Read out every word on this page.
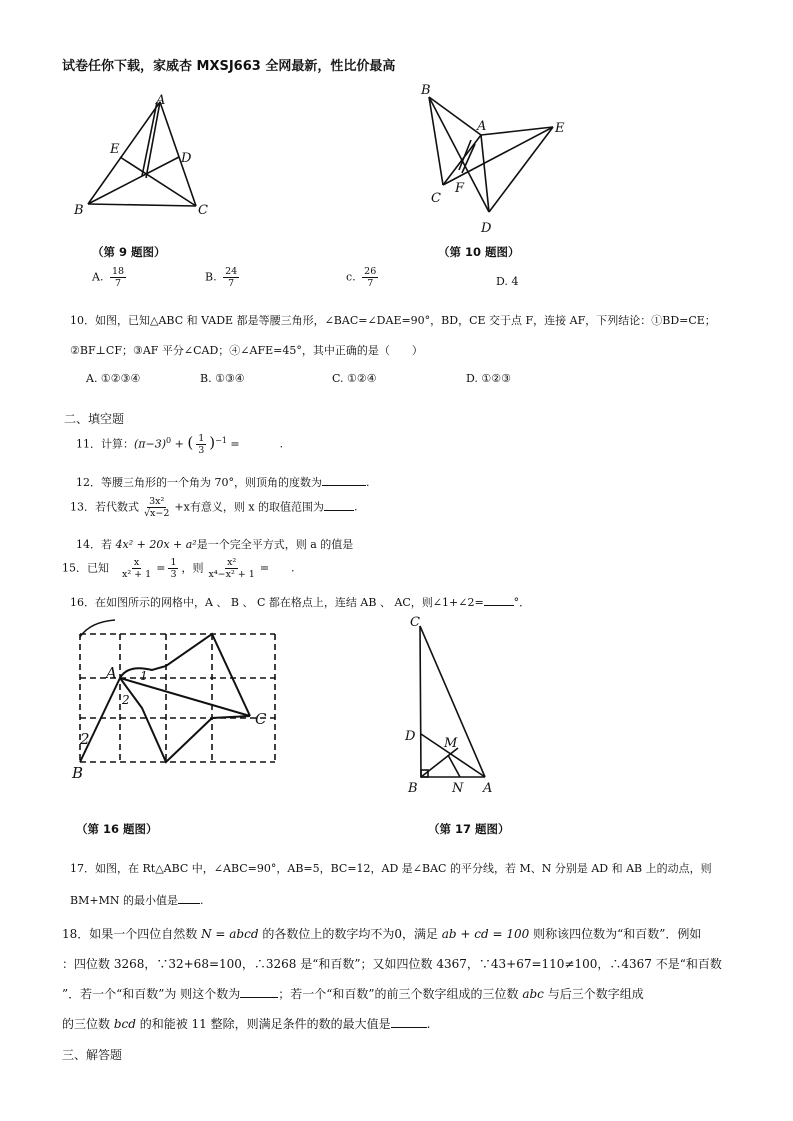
试卷任你下载，家威杏 MXSJ663 全网最新，性比价最高
A
B	C
D
E
A
B
C
D
E
F
（第 9 题图）	（第 10 题图）
A. $\frac{18}{7}$	B. $\frac{24}{7}$	c. $\frac{26}{7}$	D. 4
10．如图，已知△ABC 和 VADE 都是等腰三角形，∠BAC=∠DAE=90°，BD，CE 交于点 F，连接 AF，下列结论：①BD=CE；
②BF⊥CF；③AF 平分∠CAD；④∠AFE=45°，其中正确的是（　　）
A. ①②③④	B. ①③④	C. ①②④	D. ①②③
二、填空题
11．计算：$(\pi-3)^0$ + ( $\frac{1}{3} )^{-1}$ =	.
12．等腰三角形的一个角为 70°，则顶角的度数为	.
13．若代数式 $\frac{\text{3x²}}{√x-2} +x$有意义，则 x 的取值范围为	.
14．若 4x² + 20x + a²是一个完全平方式，则 a 的值是
15．已知 $\frac{x}{\text{x² + 1}} = \frac{1}{3}$ ，则 $\frac{\text{x²}}{\text{x⁴−x² + 1}}$ = .
16．在如图所示的网格中，A 、 B 、 C 都在格点上，连结 AB 、 AC，则∠1+∠2=	°．
A
B
C
1
2
2
A
B
C
D M
N
（第 16 题图）	（第 17 题图）
17．如图，在 Rt△ABC 中，∠ABC=90°，AB=5，BC=12，AD 是∠BAC 的平分线，若 M、N 分别是 AD 和 AB 上的动点，则
BM+MN 的最小值是 .
18．如果一个四位自然数 N = abcd 的各数位上的数字均不为0，满足 ab + cd = 100 则称该四位数为“和百数”．例如
：四位数 3268，∵32+68=100，∴3268 是“和百数”；又如四位数 4367，∵43+67=110≠100，∴4367 不是“和百数
”．若一个“和百数”为 则这个数为	；若一个“和百数”的前三个数字组成的三位数 abc 与后三个数字组成
的三位数 bcd 的和能被 11 整除，则满足条件的数的最大值是	.
三、解答题
